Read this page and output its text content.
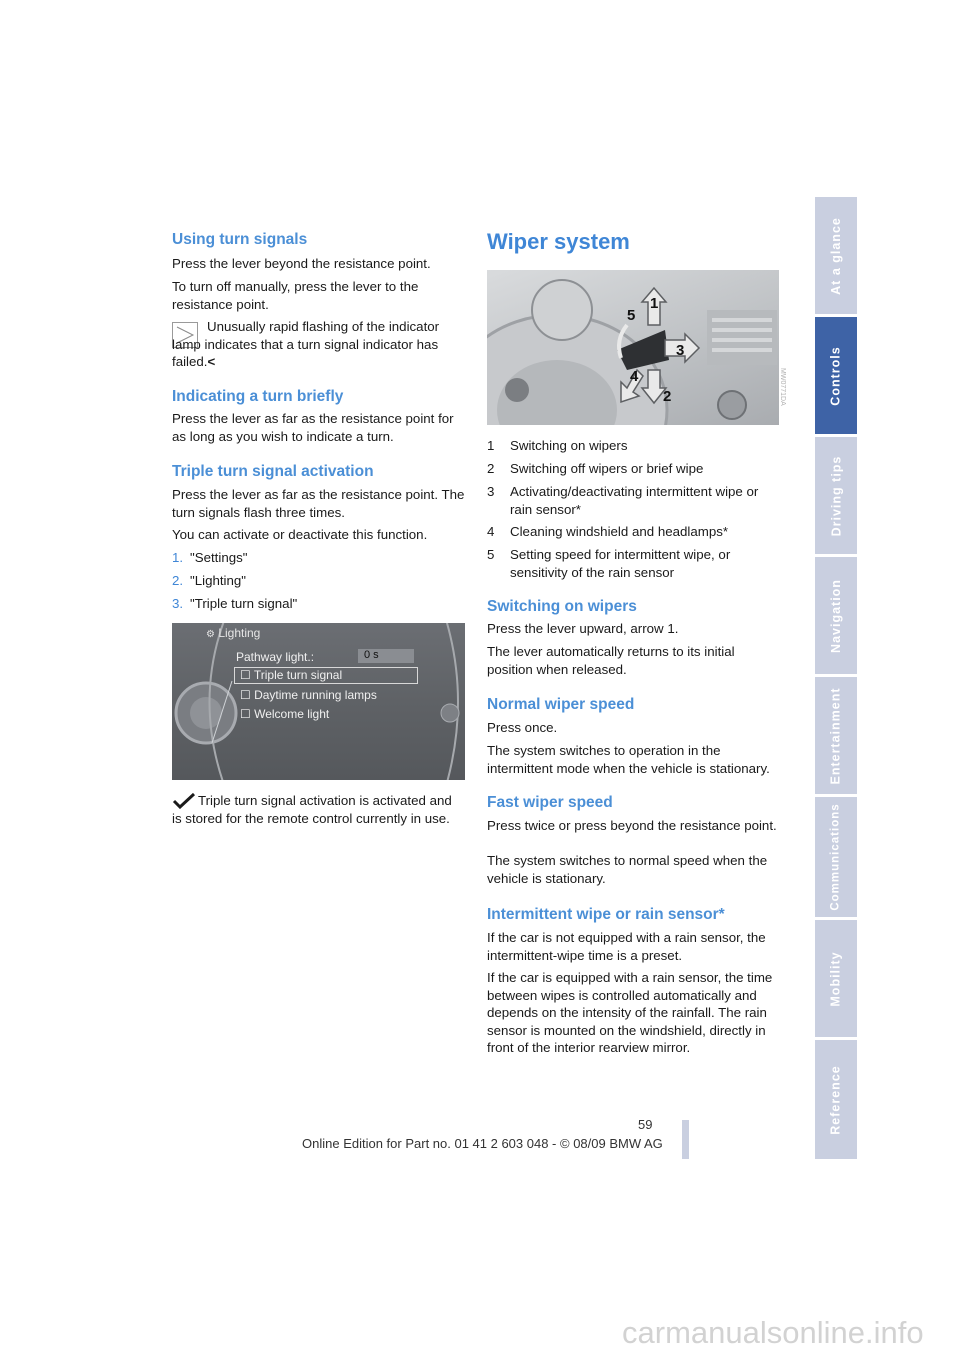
Using turn signals

Press the lever beyond the resistance point.

To turn off manually, press the lever to the resistance point.

Unusually rapid flashing of the indicator lamp indicates that a turn signal indicator has failed.<

Indicating a turn briefly

Press the lever as far as the resistance point for as long as you wish to indicate a turn.

Triple turn signal activation

Press the lever as far as the resistance point. The turn signals flash three times.

You can activate or deactivate this function.

1. "Settings"
2. "Lighting"
3. "Triple turn signal"
⚙ Lighting
Pathway light.:	0 s
☐ Triple turn signal
☐ Daytime running lamps
☐ Welcome light

Triple turn signal activation is activated and is stored for the remote control currently in use.

Wiper system
1
2
3
4
5
1 Switching on wipers
2 Switching off wipers or brief wipe
3 Activating/deactivating intermittent wipe or rain sensor*
4 Cleaning windshield and headlamps*
5 Setting speed for intermittent wipe, or sensitivity of the rain sensor
Switching on wipers

Press the lever upward, arrow 1.

The lever automatically returns to its initial position when released.

Normal wiper speed

Press once.

The system switches to operation in the intermittent mode when the vehicle is stationary.

Fast wiper speed

Press twice or press beyond the resistance point.

The system switches to normal speed when the vehicle is stationary.

Intermittent wipe or rain sensor*

If the car is not equipped with a rain sensor, the intermittent-wipe time is a preset.

If the car is equipped with a rain sensor, the time between wipes is controlled automatically and depends on the intensity of the rainfall. The rain sensor is mounted on the windshield, directly in front of the interior rearview mirror.

MW0771DA
At a glance
Controls
Driving tips
Navigation
Entertainment
Communications
Mobility
Reference
59
Online Edition for Part no. 01 41 2 603 048 - © 08/09 BMW AG
carmanualsonline.info
